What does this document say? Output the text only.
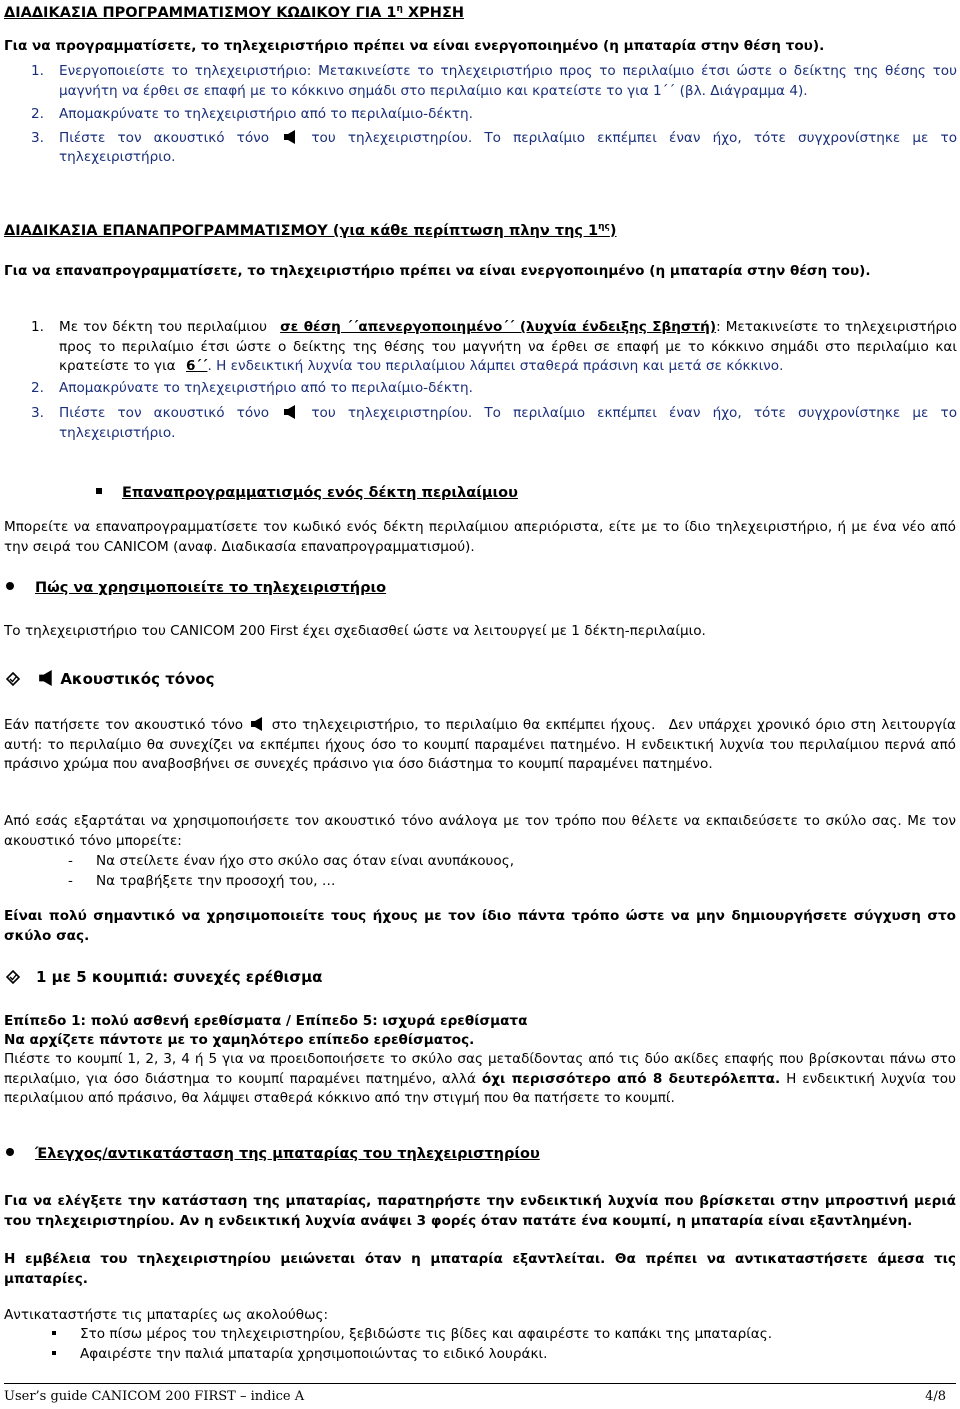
ΔΙΑΔΙΚΑΣΙΑ ΠΡΟΓΡΑΜΜΑΤΙΣΜΟΥ ΚΩΔΙΚΟΥ ΓΙΑ $1^\eta$ ΧΡΗΣΗ

Για να προγραμματίσετε, το τηλεχειριστήριο πρέπει να είναι ενεργοποιημένο (η μπαταρία στην θέση του).

1.	Ενεργοποιείστε το τηλεχειριστήριο: Μετακινείστε το τηλεχειριστήριο προς το περιλαίμιο έτσι ώστε ο δείκτης της θέσης του μαγνήτη να έρθει σε επαφή με το κόκκινο σημάδι στο περιλαίμιο και κρατείστε το για 1΄΄ (βλ. Διάγραμμα 4).
2.	Απομακρύνατε το τηλεχειριστήριο από το περιλαίμιο-δέκτη.
3.	Πιέστε τον ακουστικό τόνο	του τηλεχειριστηρίου. Το περιλαίμιο εκπέμπει έναν ήχο, τότε συγχρονίστηκε με το τηλεχειριστήριο.
ΔΙΑΔΙΚΑΣΙΑ ΕΠΑΝΑΠΡΟΓΡΑΜΜΑΤΙΣΜΟΥ (για κάθε περίπτωση πλην της $1^{\eta\varsigma}$)

Για να επαναπρογραμματίσετε, το τηλεχειριστήριο πρέπει να είναι ενεργοποιημένο (η μπαταρία στην θέση του).

1.	Με τον δέκτη του περιλαίμιου σε θέση ΄΄απενεργοποιημένο΄΄ (λυχνία ένδειξης Σβηστή): Μετακινείστε το τηλεχειριστήριο προς το περιλαίμιο έτσι ώστε ο δείκτης της θέσης του μαγνήτη να έρθει σε επαφή με το κόκκινο σημάδι στο περιλαίμιο και κρατείστε το για 6΄΄. Η ενδεικτική λυχνία του περιλαίμιου λάμπει σταθερά πράσινη και μετά σε κόκκινο.
2.	Απομακρύνατε το τηλεχειριστήριο από το περιλαίμιο-δέκτη.
3.	Πιέστε τον ακουστικό τόνο	του τηλεχειριστηρίου. Το περιλαίμιο εκπέμπει έναν ήχο, τότε συγχρονίστηκε με το τηλεχειριστήριο.
Επαναπρογραμματισμός ενός δέκτη περιλαίμιου

Μπορείτε να επαναπρογραμματίσετε τον κωδικό ενός δέκτη περιλαίμιου απεριόριστα, είτε με το ίδιο τηλεχειριστήριο, ή με ένα νέο από την σειρά του CANICOM (αναφ. Διαδικασία επαναπρογραμματισμού).

Πώς να χρησιμοποιείτε το τηλεχειριστήριο

Το τηλεχειριστήριο του CANICOM 200 First έχει σχεδιασθεί ώστε να λειτουργεί με 1 δέκτη-περιλαίμιο.

Ακουστικός τόνος

Εάν πατήσετε τον ακουστικό τόνο στο τηλεχειριστήριο, το περιλαίμιο θα εκπέμπει ήχους. Δεν υπάρχει χρονικό όριο στη λειτουργία αυτή: το περιλαίμιο θα συνεχίζει να εκπέμπει ήχους όσο το κουμπί παραμένει πατημένο. Η ενδεικτική λυχνία του περιλαίμιου περνά από πράσινο χρώμα που αναβοσβήνει σε συνεχές πράσινο για όσο διάστημα το κουμπί παραμένει πατημένο.

Από εσάς εξαρτάται να χρησιμοποιήσετε τον ακουστικό τόνο ανάλογα με τον τρόπο που θέλετε να εκπαιδεύσετε το σκύλο σας. Με τον ακουστικό τόνο μπορείτε:

-	Να στείλετε έναν ήχο στο σκύλο σας όταν είναι ανυπάκουος,
-	Να τραβήξετε την προσοχή του, …

Είναι πολύ σημαντικό να χρησιμοποιείτε τους ήχους με τον ίδιο πάντα τρόπο ώστε να μην δημιουργήσετε σύγχυση στο σκύλο σας.

1 με 5 κουμπιά: συνεχές ερέθισμα

Επίπεδο 1: πολύ ασθενή ερεθίσματα / Επίπεδο 5: ισχυρά ερεθίσματα

Να αρχίζετε πάντοτε με το χαμηλότερο επίπεδο ερεθίσματος.

Πιέστε το κουμπί 1, 2, 3, 4 ή 5 για να προειδοποιήσετε το σκύλο σας μεταδίδοντας από τις δύο ακίδες επαφής που βρίσκονται πάνω στο περιλαίμιο, για όσο διάστημα το κουμπί παραμένει πατημένο, αλλά όχι περισσότερο από 8 δευτερόλεπτα. Η ενδεικτική λυχνία του περιλαίμιου από πράσινο, θα λάμψει σταθερά κόκκινο από την στιγμή που θα πατήσετε το κουμπί.

Έλεγχος/αντικατάσταση της μπαταρίας του τηλεχειριστηρίου

Για να ελέγξετε την κατάσταση της μπαταρίας, παρατηρήστε την ενδεικτική λυχνία που βρίσκεται στην μπροστινή μεριά του τηλεχειριστηρίου. Αν η ενδεικτική λυχνία ανάψει 3 φορές όταν πατάτε ένα κουμπί, η μπαταρία είναι εξαντλημένη.

Η εμβέλεια του τηλεχειριστηρίου μειώνεται όταν η μπαταρία εξαντλείται. Θα πρέπει να αντικαταστήσετε άμεσα τις μπαταρίες.

Αντικαταστήστε τις μπαταρίες ως ακολούθως:

Στο πίσω μέρος του τηλεχειριστηρίου, ξεβιδώστε τις βίδες και αφαιρέστε το καπάκι της μπαταρίας.
Αφαιρέστε την παλιά μπαταρία χρησιμοποιώντας το ειδικό λουράκι.
User’s guide CANICOM 200 FIRST – indice A	4/8
